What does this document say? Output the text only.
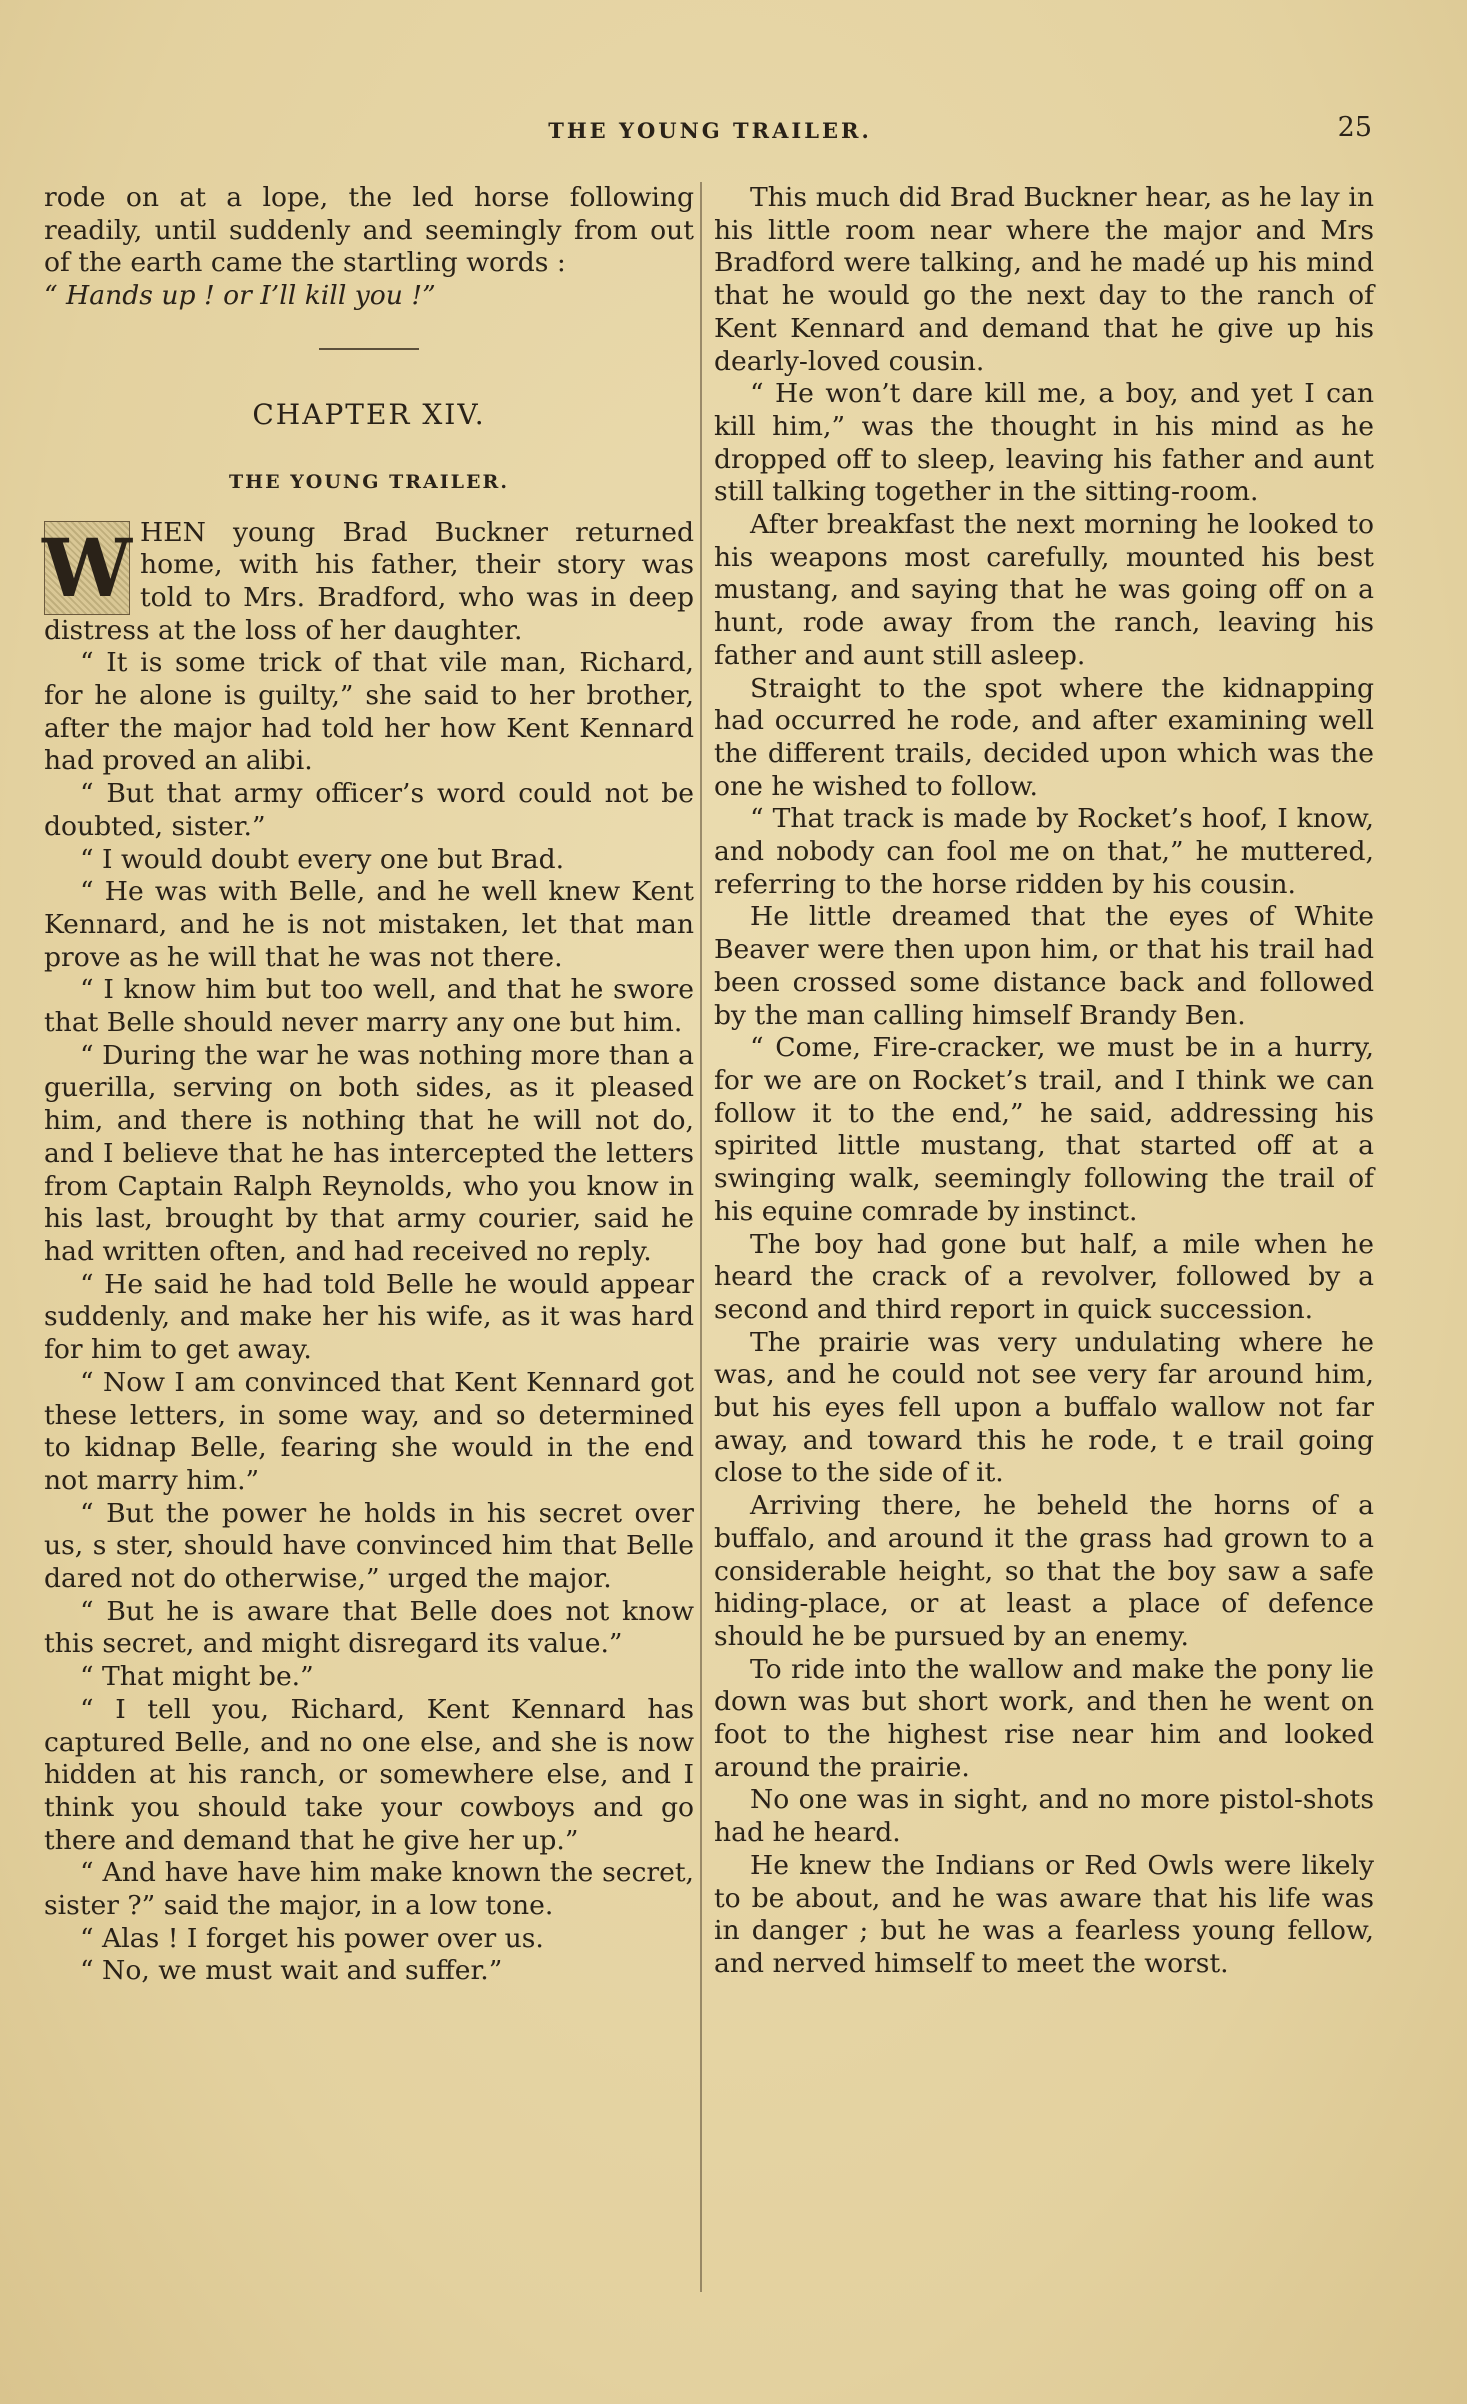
THE YOUNG TRAILER.	25

rode on at a lope, the led horse following readily, until suddenly and seemingly from out of the earth came the startling words :

“ Hands up ! or I’ll kill you !”

CHAPTER XIV.
THE YOUNG TRAILER.

W HEN young Brad Buckner returned home, with his father, their story was told to Mrs. Bradford, who was in deep distress at the loss of her daughter.

“ It is some trick of that vile man, Richard, for he alone is guilty,” she said to her brother, after the major had told her how Kent Kennard had proved an alibi.

“ But that army officer’s word could not be doubted, sister.”

“ I would doubt every one but Brad.

“ He was with Belle, and he well knew Kent Kennard, and he is not mistaken, let that man prove as he will that he was not there.

“ I know him but too well, and that he swore that Belle should never marry any one but him.

“ During the war he was nothing more than a guerilla, serving on both sides, as it pleased him, and there is nothing that he will not do, and I believe that he has intercepted the letters from Captain Ralph Reynolds, who you know in his last, brought by that army courier, said he had written often, and had received no reply.

“ He said he had told Belle he would appear suddenly, and make her his wife, as it was hard for him to get away.

“ Now I am convinced that Kent Kennard got these letters, in some way, and so determined to kidnap Belle, fearing she would in the end not marry him.”

“ But the power he holds in his secret over us, s ster, should have convinced him that Belle dared not do otherwise,” urged the major.

“ But he is aware that Belle does not know this secret, and might disregard its value.”

“ That might be.”

“ I tell you, Richard, Kent Kennard has captured Belle, and no one else, and she is now hidden at his ranch, or somewhere else, and I think you should take your cowboys and go there and demand that he give her up.”

“ And have have him make known the secret, sister ?” said the major, in a low tone.

“ Alas ! I forget his power over us.

“ No, we must wait and suffer.”

This much did Brad Buckner hear, as he lay in his little room near where the major and Mrs Bradford were talking, and he madé up his mind that he would go the next day to the ranch of Kent Kennard and demand that he give up his dearly-loved cousin.

“ He won’t dare kill me, a boy, and yet I can kill him,” was the thought in his mind as he dropped off to sleep, leaving his father and aunt still talking together in the sitting-room.

After breakfast the next morning he looked to his weapons most carefully, mounted his best mustang, and saying that he was going off on a hunt, rode away from the ranch, leaving his father and aunt still asleep.

Straight to the spot where the kidnapping had occurred he rode, and after examining well the different trails, decided upon which was the one he wished to follow.

“ That track is made by Rocket’s hoof, I know, and nobody can fool me on that,” he muttered, referring to the horse ridden by his cousin.

He little dreamed that the eyes of White Beaver were then upon him, or that his trail had been crossed some distance back and followed by the man calling himself Brandy Ben.

“ Come, Fire-cracker, we must be in a hurry, for we are on Rocket’s trail, and I think we can follow it to the end,” he said, addressing his spirited little mustang, that started off at a swinging walk, seemingly following the trail of his equine comrade by instinct.

The boy had gone but half, a mile when he heard the crack of a revolver, followed by a second and third report in quick succession.

The prairie was very undulating where he was, and he could not see very far around him, but his eyes fell upon a buffalo wallow not far away, and toward this he rode, t e trail going close to the side of it.

Arriving there, he beheld the horns of a buffalo, and around it the grass had grown to a considerable height, so that the boy saw a safe hiding-place, or at least a place of defence should he be pursued by an enemy.

To ride into the wallow and make the pony lie down was but short work, and then he went on foot to the highest rise near him and looked around the prairie.

No one was in sight, and no more pistol-shots had he heard.

He knew the Indians or Red Owls were likely to be about, and he was aware that his life was in danger ; but he was a fearless young fellow, and nerved himself to meet the worst.
